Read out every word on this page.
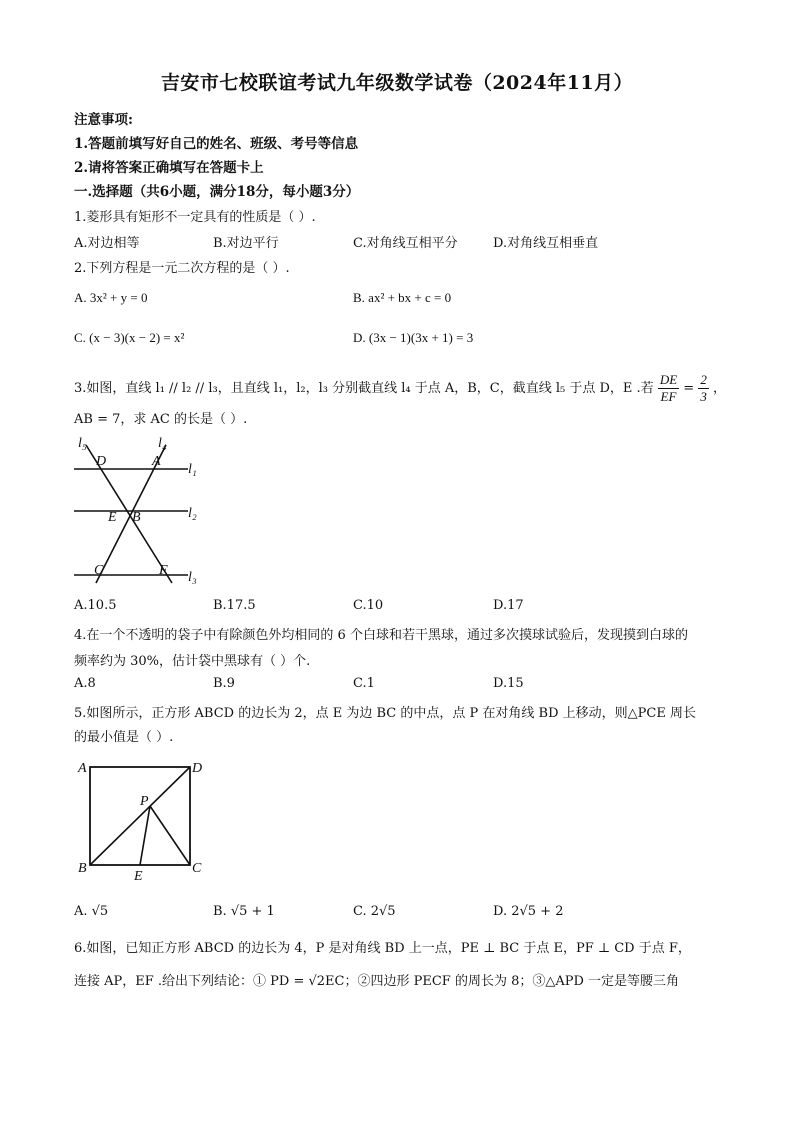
吉安市七校联谊考试九年级数学试卷（2024年11月）
注意事项:
1.答题前填写好自己的姓名、班级、考号等信息
2.请将答案正确填写在答题卡上
一.选择题（共6小题，满分18分，每小题3分）
1.菱形具有矩形不一定具有的性质是（ ）.
A.对边相等	B.对边平行	C.对角线互相平分	D.对角线互相垂直
2.下列方程是一元二次方程的是（ ）.
A. 3x² + y = 0	B. ax² + bx + c = 0
C. (x − 3)(x − 2) = x²	D. (3x − 1)(3x + 1) = 3
3.如图，直线 l₁ // l₂ // l₃，且直线 l₁，l₂，l₃ 分别截直线 l₄ 于点 A，B，C，截直线 l₅ 于点 D，E .若 $\frac{DE}{EF} = \frac{2}{3}$ ，
AB = 7，求 AC 的长是（ ）.
l₅	l₄
l₁
l₂
l₃
D	A
E B
C	F
A.10.5	B.17.5	C.10	D.17
4.在一个不透明的袋子中有除颜色外均相同的 6 个白球和若干黑球，通过多次摸球试验后，发现摸到白球的
频率约为 30%，估计袋中黑球有（ ）个.
A.8	B.9	C.1	D.15
5.如图所示，正方形 ABCD 的边长为 2，点 E 为边 BC 的中点，点 P 在对角线 BD 上移动，则△PCE 周长
的最小值是（ ）.
A	D
P
B
E
C
A. √5	B. √5 + 1	C. 2√5	D. 2√5 + 2
6.如图，已知正方形 ABCD 的边长为 4，P 是对角线 BD 上一点，PE ⊥ BC 于点 E，PF ⊥ CD 于点 F，
连接 AP，EF .给出下列结论：① PD = √2EC；②四边形 PECF 的周长为 8；③△APD 一定是等腰三角
